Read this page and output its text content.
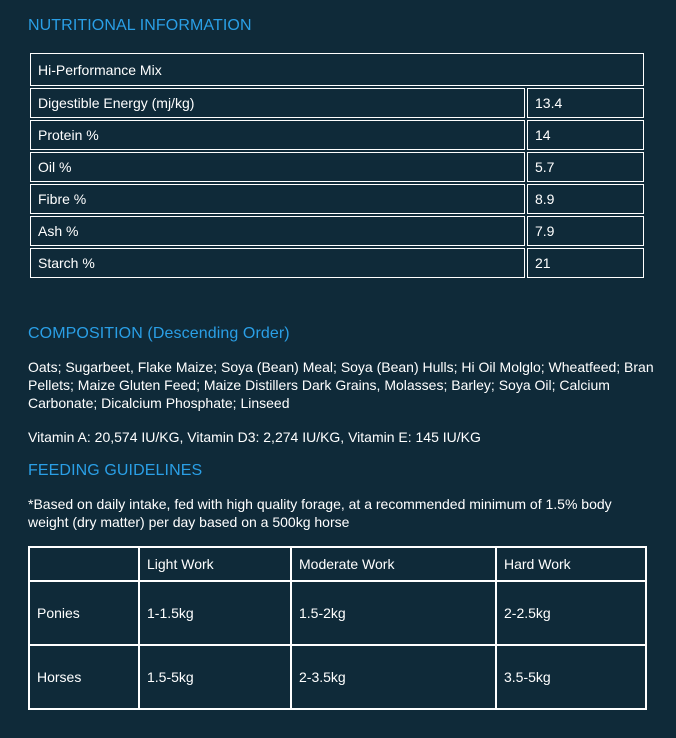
NUTRITIONAL INFORMATION
Hi-Performance Mix	
Digestible Energy (mj/kg)	13.4
Protein %	14
Oil %	5.7
Fibre %	8.9
Ash %	7.9
Starch %	21
COMPOSITION (Descending Order)

Oats; Sugarbeet, Flake Maize; Soya (Bean) Meal; Soya (Bean) Hulls; Hi Oil Molglo; Wheatfeed; Bran Pellets; Maize Gluten Feed; Maize Distillers Dark Grains, Molasses; Barley; Soya Oil; Calcium Carbonate; Dicalcium Phosphate; Linseed

Vitamin A: 20,574 IU/KG, Vitamin D3: 2,274 IU/KG, Vitamin E: 145 IU/KG

FEEDING GUIDELINES

*Based on daily intake, fed with high quality forage, at a recommended minimum of 1.5% body weight (dry matter) per day based on a 500kg horse

	Light Work	Moderate Work	Hard Work
Ponies	1-1.5kg	1.5-2kg	2-2.5kg
Horses	1.5-5kg	2-3.5kg	3.5-5kg
